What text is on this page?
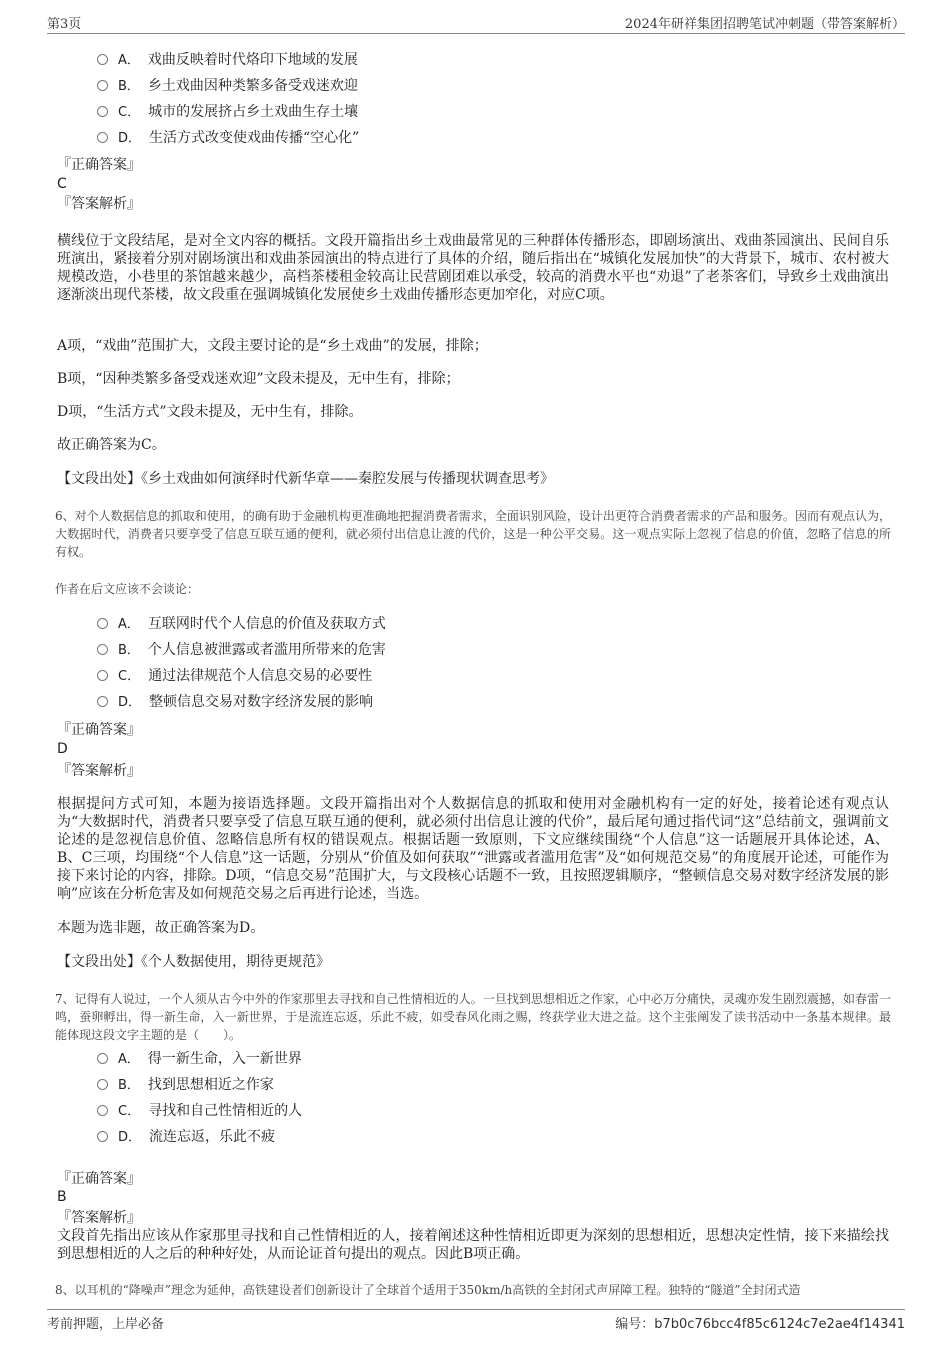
第3页	2024年研祥集团招聘笔试冲刺题（带答案解析）
A． 戏曲反映着时代烙印下地域的发展
B． 乡土戏曲因种类繁多备受戏迷欢迎
C． 城市的发展挤占乡土戏曲生存土壤
D． 生活方式改变使戏曲传播“空心化”
『正确答案』
C
『答案解析』
横线位于文段结尾，是对全文内容的概括。文段开篇指出乡土戏曲最常见的三种群体传播形态，即剧场演出、戏曲茶园演出、民间自乐班演出，紧接着分别对剧场演出和戏曲茶园演出的特点进行了具体的介绍，随后指出在“城镇化发展加快”的大背景下，城市、农村被大规模改造，小巷里的茶馆越来越少，高档茶楼租金较高让民营剧团难以承受，较高的消费水平也“劝退”了老茶客们，导致乡土戏曲演出逐渐淡出现代茶楼，故文段重在强调城镇化发展使乡土戏曲传播形态更加窄化，对应C项。
A项，“戏曲”范围扩大，文段主要讨论的是“乡土戏曲”的发展，排除；
B项，“因种类繁多备受戏迷欢迎”文段未提及，无中生有，排除；
D项，“生活方式”文段未提及，无中生有，排除。
故正确答案为C。
【文段出处】《乡土戏曲如何演绎时代新华章——秦腔发展与传播现状调查思考》
6、对个人数据信息的抓取和使用，的确有助于金融机构更准确地把握消费者需求，全面识别风险，设计出更符合消费者需求的产品和服务。因而有观点认为，大数据时代，消费者只要享受了信息互联互通的便利，就必须付出信息让渡的代价，这是一种公平交易。这一观点实际上忽视了信息的价值，忽略了信息的所有权。
作者在后文应该不会谈论：
A． 互联网时代个人信息的价值及获取方式
B． 个人信息被泄露或者滥用所带来的危害
C． 通过法律规范个人信息交易的必要性
D． 整顿信息交易对数字经济发展的影响
『正确答案』
D
『答案解析』
根据提问方式可知，本题为接语选择题。文段开篇指出对个人数据信息的抓取和使用对金融机构有一定的好处，接着论述有观点认为“大数据时代，消费者只要享受了信息互联互通的便利，就必须付出信息让渡的代价”，最后尾句通过指代词“这”总结前文，强调前文论述的是忽视信息价值、忽略信息所有权的错误观点。根据话题一致原则，下文应继续围绕“个人信息”这一话题展开具体论述，A、B、C三项，均围绕“个人信息”这一话题，分别从“价值及如何获取”“泄露或者滥用危害”及“如何规范交易”的角度展开论述，可能作为接下来讨论的内容，排除。D项，“信息交易”范围扩大，与文段核心话题不一致，且按照逻辑顺序，“整顿信息交易对数字经济发展的影响”应该在分析危害及如何规范交易之后再进行论述，当选。
本题为选非题，故正确答案为D。
【文段出处】《个人数据使用，期待更规范》
7、记得有人说过，一个人须从古今中外的作家那里去寻找和自己性情相近的人。一旦找到思想相近之作家，心中必万分痛快，灵魂亦发生剧烈震撼，如春雷一鸣，蚕卵孵出，得一新生命，入一新世界，于是流连忘返，乐此不疲，如受春风化雨之赐，终获学业大进之益。这个主张阐发了读书活动中一条基本规律。最能体现这段文字主题的是（　　）。
A． 得一新生命，入一新世界
B． 找到思想相近之作家
C． 寻找和自己性情相近的人
D． 流连忘返，乐此不疲
『正确答案』
B
『答案解析』
文段首先指出应该从作家那里寻找和自己性情相近的人，接着阐述这种性情相近即更为深刻的思想相近，思想决定性情，接下来描绘找到思想相近的人之后的种种好处，从而论证首句提出的观点。因此B项正确。
8、以耳机的“降噪声”理念为延伸，高铁建设者们创新设计了全球首个适用于350km/h高铁的全封闭式声屏障工程。独特的“隧道”全封闭式造
考前押题，上岸必备	编号：b7b0c76bcc4f85c6124c7e2ae4f14341
